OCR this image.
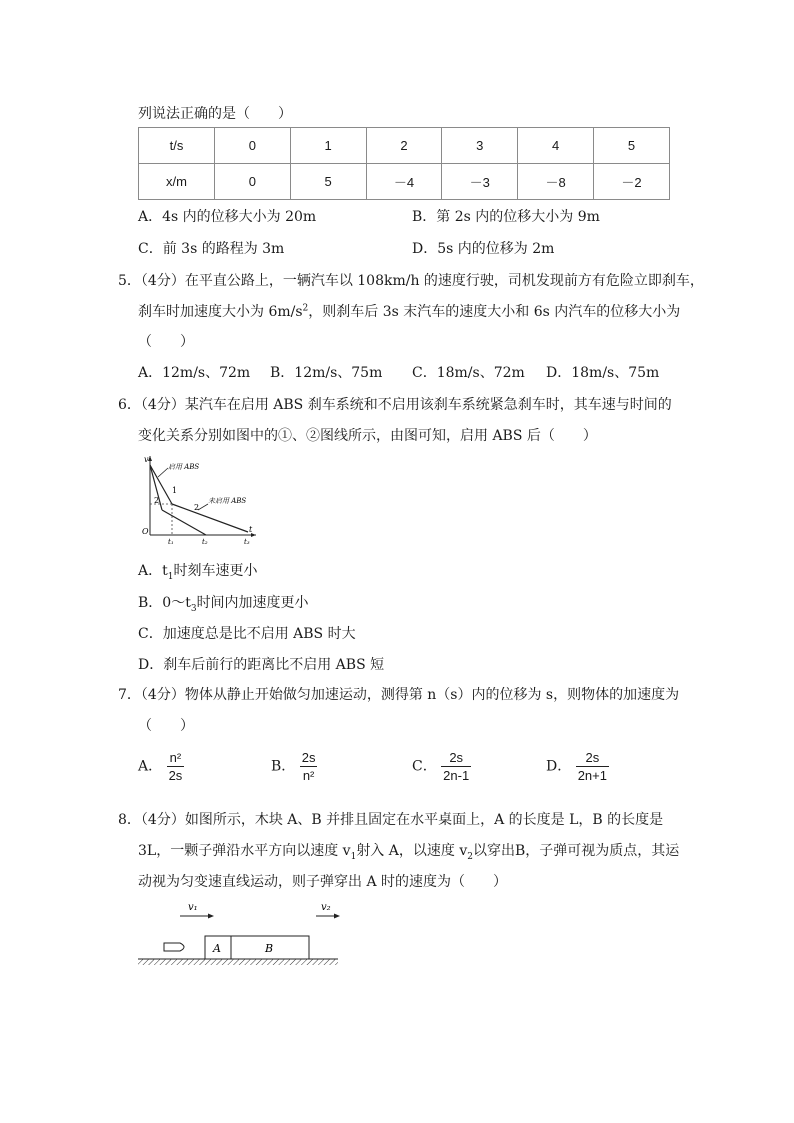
列说法正确的是（　　）
t/s	0	1	2	3	4	5
x/m	0	5	－4	－3	－8	－2
A．4s 内的位移大小为 20m	B．第 2s 内的位移大小为 9m
C．前 3s 的路程为 3m	D．5s 内的位移为 2m
5．（4分）在平直公路上，一辆汽车以 108km/h 的速度行驶，司机发现前方有危险立即刹车，
刹车时加速度大小为 $6m/s^2$，则刹车后 3s 末汽车的速度大小和 6s 内汽车的位移大小为
（　　）
A．12m/s、72m B．12m/s、75m C．18m/s、72m D．18m/s、75m
6．（4分）某汽车在启用 ABS 刹车系统和不启用该刹车系统紧急刹车时，其车速与时间的
变化关系分别如图中的①、②图线所示，由图可知，启用 ABS 后（　　）
v
t
O
t₁	t₂	t₃
启用 ABS
未启用 ABS
1
2
2
A．$t_1$时刻车速更小
B．$0\sim t_3$时间内加速度更小
C．加速度总是比不启用 ABS 时大
D．刹车后前行的距离比不启用 ABS 短
7．（4分）物体从静止开始做匀加速运动，测得第 n（s）内的位移为 s，则物体的加速度为
（　　）
A． $\frac{\text{n²}}{2s}$	B． $\frac{2s}{\text{n²}}$	C． $\frac{2s}{2n-1}$	D． $\frac{2s}{2n+1}$
8．（4分）如图所示，木块 A、B 并排且固定在水平桌面上，A 的长度是 L，B 的长度是
3L，一颗子弹沿水平方向以速度 $v_1$射入 A，以速度 $v_2$以穿出B，子弹可视为质点，其运
动视为匀变速直线运动，则子弹穿出 A 时的速度为（　　）
v₁	v₂
A	B
